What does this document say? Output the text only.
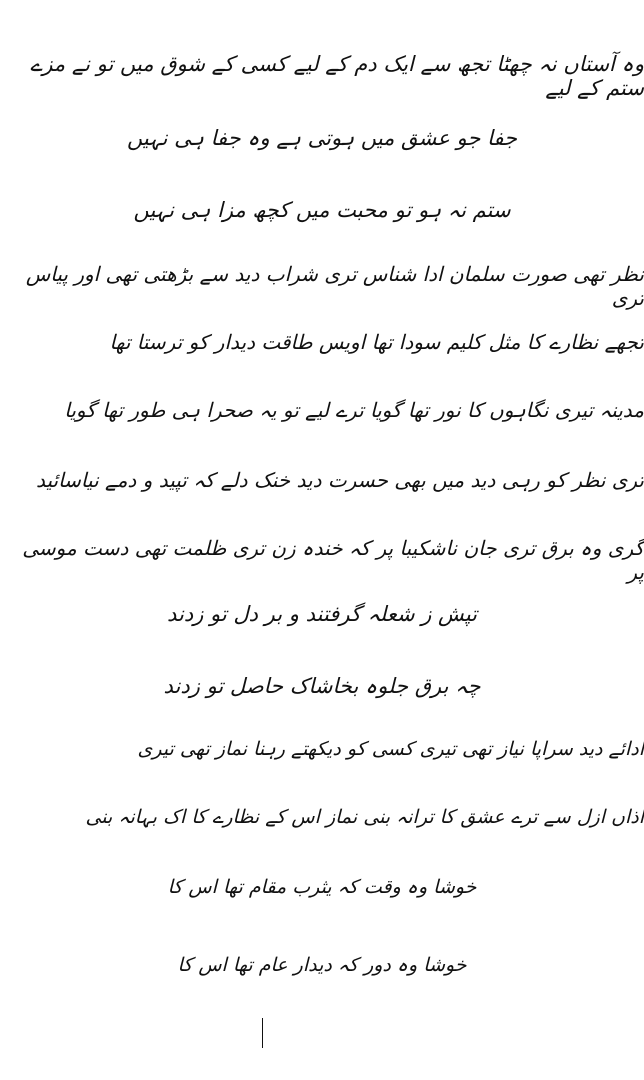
وہ آستاں نہ چھٹا تجھ سے ایک دم کے لیے کسی کے شوق میں تو نے مزے ستم کے لیے
جفا جو عشق میں ہوتی ہے وہ جفا ہی نہیں
ستم نہ ہو تو محبت میں کچھ مزا ہی نہیں
نظر تھی صورت سلمان ادا شناس تری شراب دید سے بڑھتی تھی اور پیاس تری
تجھے نظارے کا مثل کلیم سودا تھا اویس طاقت دیدار کو ترستا تھا
مدینہ تیری نگاہوں کا نور تھا گویا ترے لیے تو یہ صحرا ہی طور تھا گویا
تری نظر کو رہی دید میں بھی حسرت دید خنک دلے کہ تپید و دمے نیاسائید
گری وہ برق تری جان ناشکیبا پر کہ خندہ زن تری ظلمت تھی دست موسی پر
تپش ز شعلہ گرفتند و بر دل تو زدند
چہ برق جلوہ بخاشاک حاصل تو زدند
ادائے دید سراپا نیاز تھی تیری کسی کو دیکھتے رہنا نماز تھی تیری
اذاں ازل سے ترے عشق کا ترانہ بنی نماز اس کے نظارے کا اک بہانہ بنی
خوشا وہ وقت کہ یثرب مقام تھا اس کا
خوشا وہ دور کہ دیدار عام تھا اس کا
